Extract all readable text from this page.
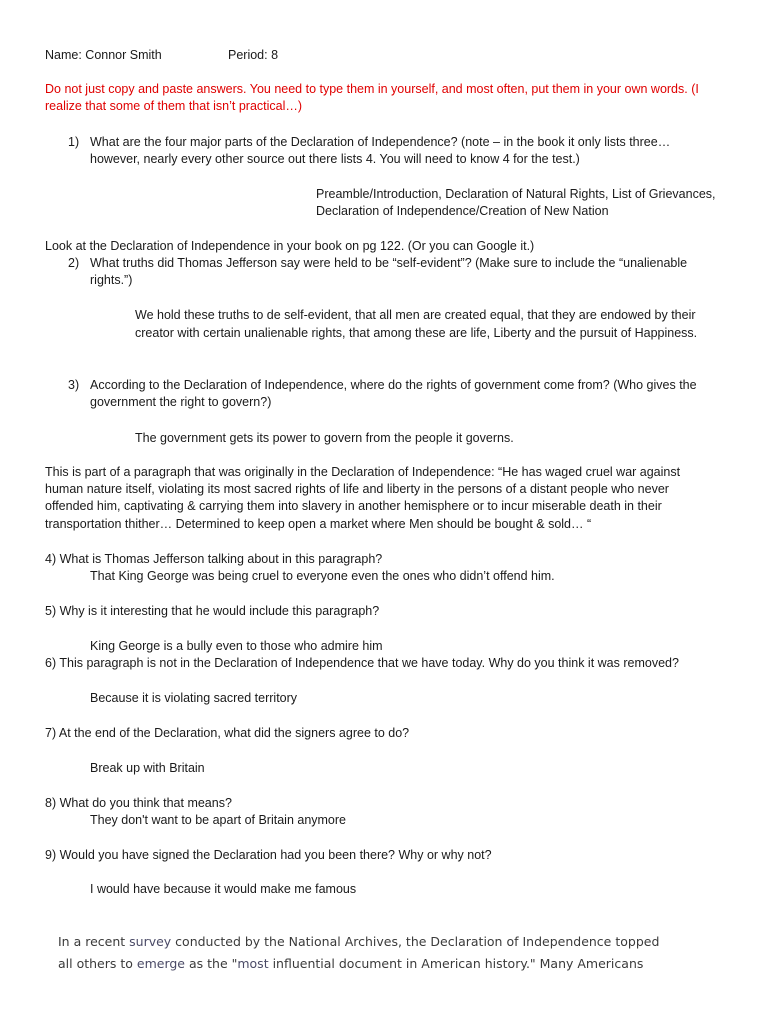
Name: Connor Smith	Period: 8
Do not just copy and paste answers. You need to type them in yourself, and most often, put them in your own words. (I
realize that some of them that isn’t practical…)
1) What are the four major parts of the Declaration of Independence? (note – in the book it only lists three…
however, nearly every other source out there lists 4. You will need to know 4 for the test.)
Preamble/Introduction, Declaration of Natural Rights, List of Grievances,
Declaration of Independence/Creation of New Nation
Look at the Declaration of Independence in your book on pg 122. (Or you can Google it.)
2) What truths did Thomas Jefferson say were held to be “self-evident”? (Make sure to include the “unalienable
rights.”)
We hold these truths to de self-evident, that all men are created equal, that they are endowed by their
creator with certain unalienable rights, that among these are life, Liberty and the pursuit of Happiness.
3) According to the Declaration of Independence, where do the rights of government come from? (Who gives the
government the right to govern?)
The government gets its power to govern from the people it governs.
This is part of a paragraph that was originally in the Declaration of Independence: “He has waged cruel war against
human nature itself, violating its most sacred rights of life and liberty in the persons of a distant people who never
offended him, captivating & carrying them into slavery in another hemisphere or to incur miserable death in their
transportation thither… Determined to keep open a market where Men should be bought & sold… “
4) What is Thomas Jefferson talking about in this paragraph?
That King George was being cruel to everyone even the ones who didn’t offend him.
5) Why is it interesting that he would include this paragraph?
King George is a bully even to those who admire him
6) This paragraph is not in the Declaration of Independence that we have today. Why do you think it was removed?
Because it is violating sacred territory
7) At the end of the Declaration, what did the signers agree to do?
Break up with Britain
8) What do you think that means?
They don't want to be apart of Britain anymore
9) Would you have signed the Declaration had you been there? Why or why not?
I would have because it would make me famous
In a recent survey conducted by the National Archives, the Declaration of Independence topped
all others to emerge as the "most influential document in American history." Many Americans
